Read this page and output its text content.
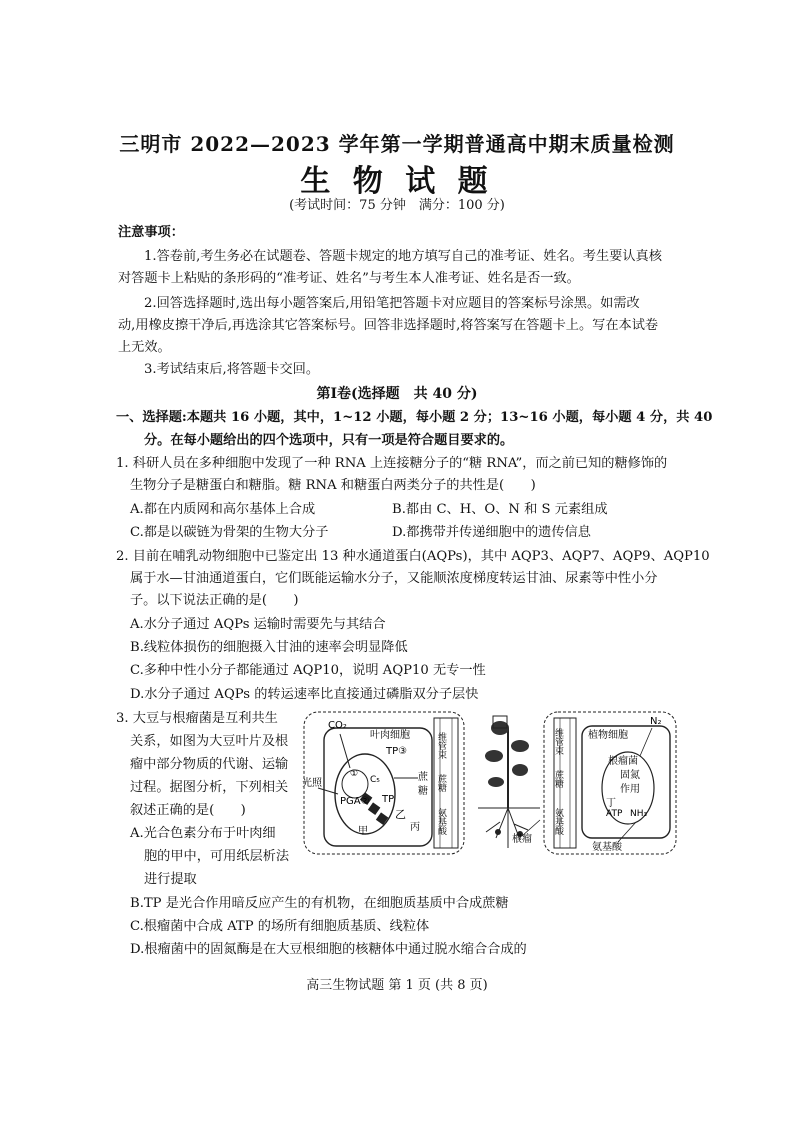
三明市 2022—2023 学年第一学期普通高中期末质量检测
生 物 试 题
(考试时间：75 分钟　满分：100 分)
注意事项：
1.答卷前,考生务必在试题卷、答题卡规定的地方填写自己的准考证、姓名。考生要认真核
对答题卡上粘贴的条形码的“准考证、姓名”与考生本人准考证、姓名是否一致。
2.回答选择题时,选出每小题答案后,用铅笔把答题卡对应题目的答案标号涂黑。如需改
动,用橡皮擦干净后,再选涂其它答案标号。回答非选择题时,将答案写在答题卡上。写在本试卷
上无效。
3.考试结束后,将答题卡交回。
第Ⅰ卷(选择题　共 40 分)
一、选择题:本题共 16 小题，其中，1~12 小题，每小题 2 分；13~16 小题，每小题 4 分，共 40
分。在每小题给出的四个选项中，只有一项是符合题目要求的。
1. 科研人员在多种细胞中发现了一种 RNA 上连接糖分子的“糖 RNA”，而之前已知的糖修饰的
生物分子是糖蛋白和糖脂。糖 RNA 和糖蛋白两类分子的共性是(　　)
A.都在内质网和高尔基体上合成	B.都由 C、H、O、N 和 S 元素组成
C.都是以碳链为骨架的生物大分子	D.都携带并传递细胞中的遗传信息
2. 目前在哺乳动物细胞中已鉴定出 13 种水通道蛋白(AQPs)，其中 AQP3、AQP7、AQP9、AQP10
属于水—甘油通道蛋白，它们既能运输水分子，又能顺浓度梯度转运甘油、尿素等中性小分
子。以下说法正确的是(　　)
A.水分子通过 AQPs 运输时需要先与其结合
B.线粒体损伤的细胞摄入甘油的速率会明显降低
C.多种中性小分子都能通过 AQP10，说明 AQP10 无专一性
D.水分子通过 AQPs 的转运速率比直接通过磷脂双分子层快
3. 大豆与根瘤菌是互利共生
关系，如图为大豆叶片及根
瘤中部分物质的代谢、运输
过程。据图分析，下列相关
叙述正确的是(　　)
A.光合色素分布于叶肉细
胞的甲中，可用纸层析法
进行提取
B.TP 是光合作用暗反应产生的有机物，在细胞质基质中合成蔗糖
C.根瘤菌中合成 ATP 的场所有细胞质基质、线粒体
D.根瘤菌中的固氮酶是在大豆根细胞的核糖体中通过脱水缩合合成的
CO₂
叶肉细胞
TP③
光照
①
C₅
PGA② TP
乙
甲	丙
蔗
糖
维管束
蔗糖
氨基酸
根瘤
维管束
蔗糖
氨基酸
植物细胞
N₂
根瘤菌
固氮
作用
丁
ATP NH₃
氨基酸
高三生物试题 第 1 页 (共 8 页)
